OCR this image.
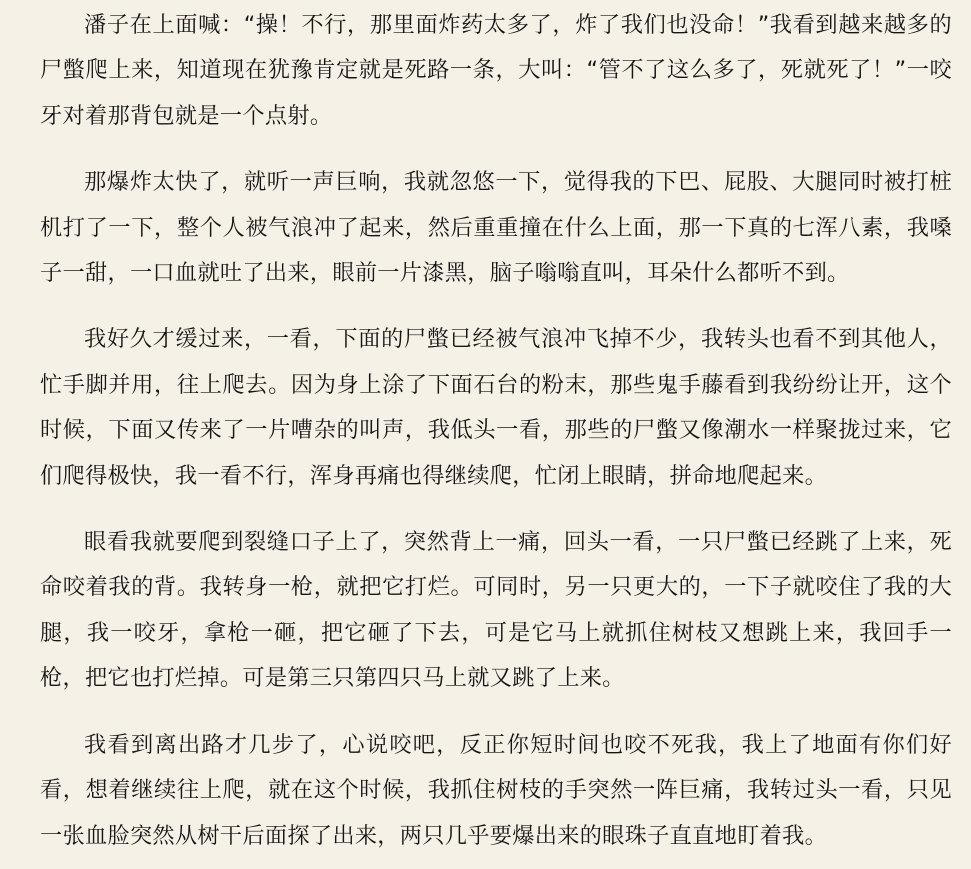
潘子在上面喊：“操！不行，那里面炸药太多了，炸了我们也没命！”我看到越来越多的尸蟞爬上来，知道现在犹豫肯定就是死路一条，大叫：“管不了这么多了，死就死了！”一咬牙对着那背包就是一个点射。

那爆炸太快了，就听一声巨响，我就忽悠一下，觉得我的下巴、屁股、大腿同时被打桩机打了一下，整个人被气浪冲了起来，然后重重撞在什么上面，那一下真的七浑八素，我嗓子一甜，一口血就吐了出来，眼前一片漆黑，脑子嗡嗡直叫，耳朵什么都听不到。

我好久才缓过来，一看，下面的尸蟞已经被气浪冲飞掉不少，我转头也看不到其他人，忙手脚并用，往上爬去。因为身上涂了下面石台的粉末，那些鬼手藤看到我纷纷让开，这个时候，下面又传来了一片嘈杂的叫声，我低头一看，那些的尸蟞又像潮水一样聚拢过来，它们爬得极快，我一看不行，浑身再痛也得继续爬，忙闭上眼睛，拼命地爬起来。

眼看我就要爬到裂缝口子上了，突然背上一痛，回头一看，一只尸蟞已经跳了上来，死命咬着我的背。我转身一枪，就把它打烂。可同时，另一只更大的，一下子就咬住了我的大腿，我一咬牙，拿枪一砸，把它砸了下去，可是它马上就抓住树枝又想跳上来，我回手一枪，把它也打烂掉。可是第三只第四只马上就又跳了上来。

我看到离出路才几步了，心说咬吧，反正你短时间也咬不死我，我上了地面有你们好看，想着继续往上爬，就在这个时候，我抓住树枝的手突然一阵巨痛，我转过头一看，只见一张血脸突然从树干后面探了出来，两只几乎要爆出来的眼珠子直直地盯着我。
